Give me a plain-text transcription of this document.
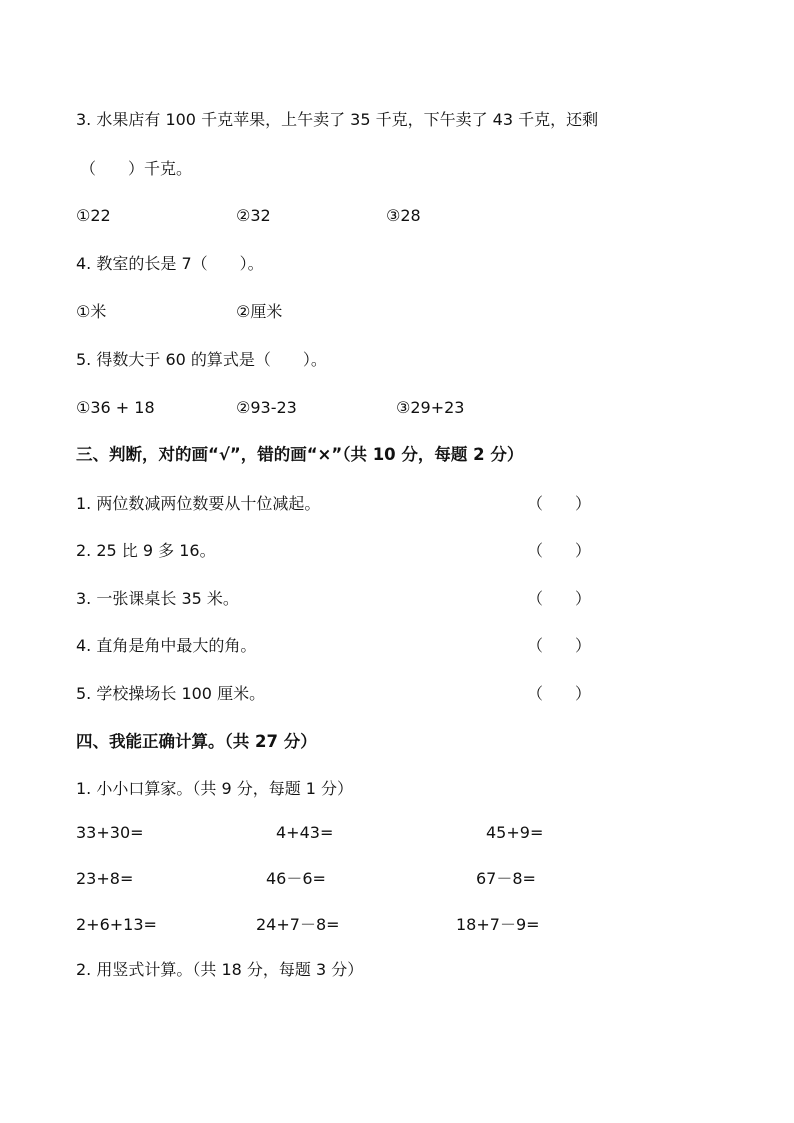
3. 水果店有 100 千克苹果，上午卖了 35 千克，下午卖了 43 千克，还剩
（　　）千克。
①22	②32	③28
4. 教室的长是 7（　　）。
①米	②厘米
5. 得数大于 60 的算式是（　　）。
①36 + 18	②93-23	③29+23
三、判断，对的画“√”，错的画“×”（共 10 分，每题 2 分）
1. 两位数减两位数要从十位减起。	（　　）
2. 25 比 9 多 16。	（　　）
3. 一张课桌长 35 米。	（　　）
4. 直角是角中最大的角。	（　　）
5. 学校操场长 100 厘米。	（　　）
四、我能正确计算。（共 27 分）
1. 小小口算家。（共 9 分，每题 1 分）
33+30=	4+43=	45+9=
23+8=	46－6=	67－8=
2+6+13=	24+7－8=	18+7－9=
2. 用竖式计算。（共 18 分，每题 3 分）
